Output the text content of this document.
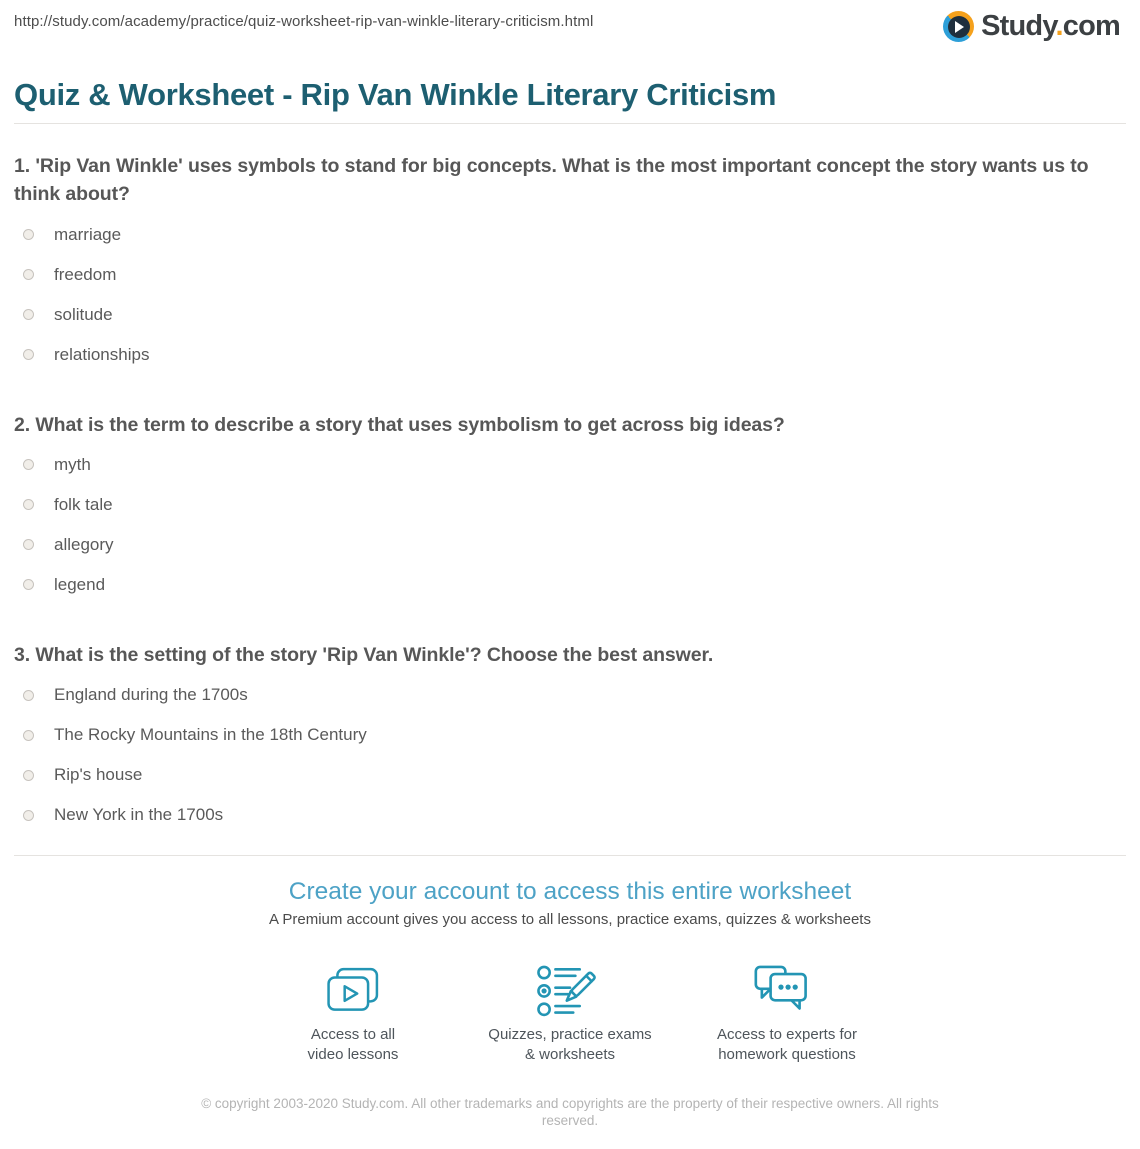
http://study.com/academy/practice/quiz-worksheet-rip-van-winkle-literary-criticism.html	Study.com
Quiz & Worksheet - Rip Van Winkle Literary Criticism
1. 'Rip Van Winkle' uses symbols to stand for big concepts. What is the most important concept the story wants us to think about?
marriage
freedom
solitude
relationships
2. What is the term to describe a story that uses symbolism to get across big ideas?
myth
folk tale
allegory
legend
3. What is the setting of the story 'Rip Van Winkle'? Choose the best answer.
England during the 1700s
The Rocky Mountains in the 18th Century
Rip's house
New York in the 1700s
Create your account to access this entire worksheet
A Premium account gives you access to all lessons, practice exams, quizzes & worksheets
Access to all
video lessons
Quizzes, practice exams
& worksheets
Access to experts for
homework questions
© copyright 2003-2020 Study.com. All other trademarks and copyrights are the property of their respective owners. All rights reserved.
